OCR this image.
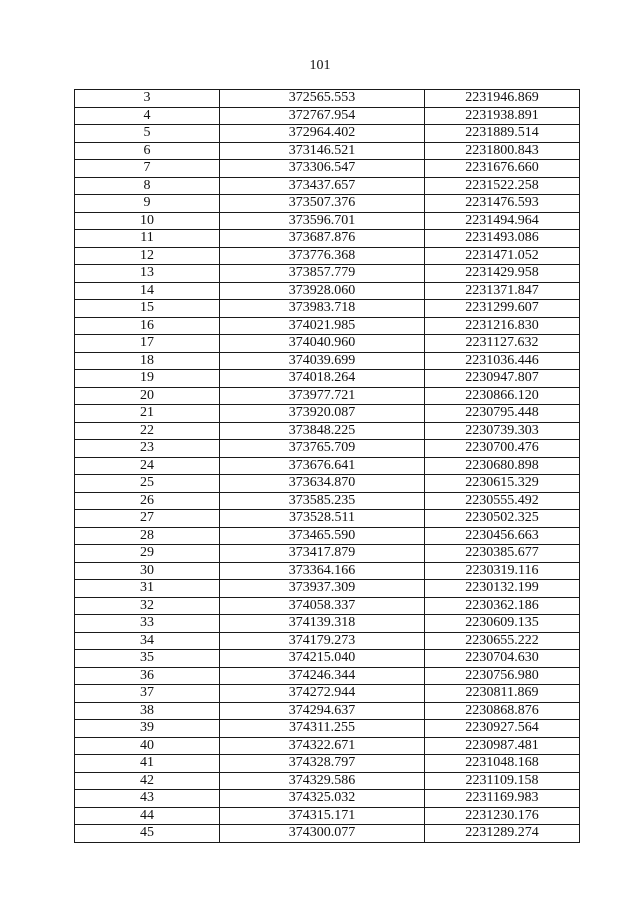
101
3	372565.553	2231946.869
4	372767.954	2231938.891
5	372964.402	2231889.514
6	373146.521	2231800.843
7	373306.547	2231676.660
8	373437.657	2231522.258
9	373507.376	2231476.593
10	373596.701	2231494.964
11	373687.876	2231493.086
12	373776.368	2231471.052
13	373857.779	2231429.958
14	373928.060	2231371.847
15	373983.718	2231299.607
16	374021.985	2231216.830
17	374040.960	2231127.632
18	374039.699	2231036.446
19	374018.264	2230947.807
20	373977.721	2230866.120
21	373920.087	2230795.448
22	373848.225	2230739.303
23	373765.709	2230700.476
24	373676.641	2230680.898
25	373634.870	2230615.329
26	373585.235	2230555.492
27	373528.511	2230502.325
28	373465.590	2230456.663
29	373417.879	2230385.677
30	373364.166	2230319.116
31	373937.309	2230132.199
32	374058.337	2230362.186
33	374139.318	2230609.135
34	374179.273	2230655.222
35	374215.040	2230704.630
36	374246.344	2230756.980
37	374272.944	2230811.869
38	374294.637	2230868.876
39	374311.255	2230927.564
40	374322.671	2230987.481
41	374328.797	2231048.168
42	374329.586	2231109.158
43	374325.032	2231169.983
44	374315.171	2231230.176
45	374300.077	2231289.274
